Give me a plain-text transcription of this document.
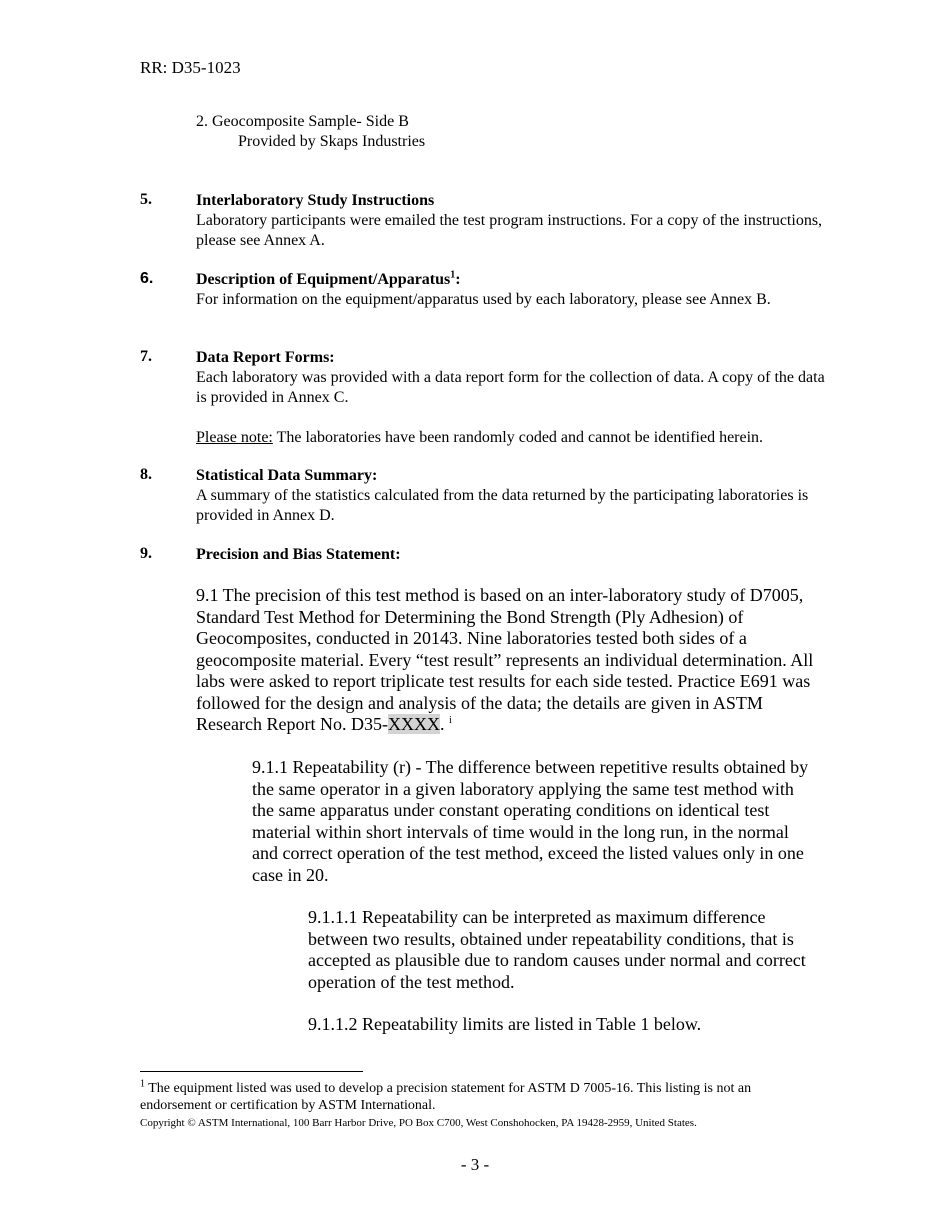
RR: D35-1023
2. Geocomposite Sample- Side B
Provided by Skaps Industries
5.	Interlaboratory Study Instructions
Laboratory participants were emailed the test program instructions. For a copy of the instructions, please see Annex A.
6.	Description of Equipment/Apparatus$^1$:
For information on the equipment/apparatus used by each laboratory, please see Annex B.
7.	Data Report Forms:
Each laboratory was provided with a data report form for the collection of data. A copy of the data is provided in Annex C.
Please note: The laboratories have been randomly coded and cannot be identified herein.
8.	Statistical Data Summary:
A summary of the statistics calculated from the data returned by the participating laboratories is provided in Annex D.
9.	Precision and Bias Statement:
9.1 The precision of this test method is based on an inter-laboratory study of D7005, Standard Test Method for Determining the Bond Strength (Ply Adhesion) of Geocomposites, conducted in 20143. Nine laboratories tested both sides of a geocomposite material. Every “test result” represents an individual determination. All labs were asked to report triplicate test results for each side tested. Practice E691 was followed for the design and analysis of the data; the details are given in ASTM Research Report No. D35-XXXX. $^i$
9.1.1 Repeatability (r) - The difference between repetitive results obtained by the same operator in a given laboratory applying the same test method with the same apparatus under constant operating conditions on identical test material within short intervals of time would in the long run, in the normal and correct operation of the test method, exceed the listed values only in one case in 20.
9.1.1.1 Repeatability can be interpreted as maximum difference between two results, obtained under repeatability conditions, that is accepted as plausible due to random causes under normal and correct operation of the test method.
9.1.1.2 Repeatability limits are listed in Table 1 below.
$^1$ The equipment listed was used to develop a precision statement for ASTM D 7005-16. This listing is not an endorsement or certification by ASTM International.
Copyright © ASTM International, 100 Barr Harbor Drive, PO Box C700, West Conshohocken, PA 19428-2959, United States.
- 3 -
